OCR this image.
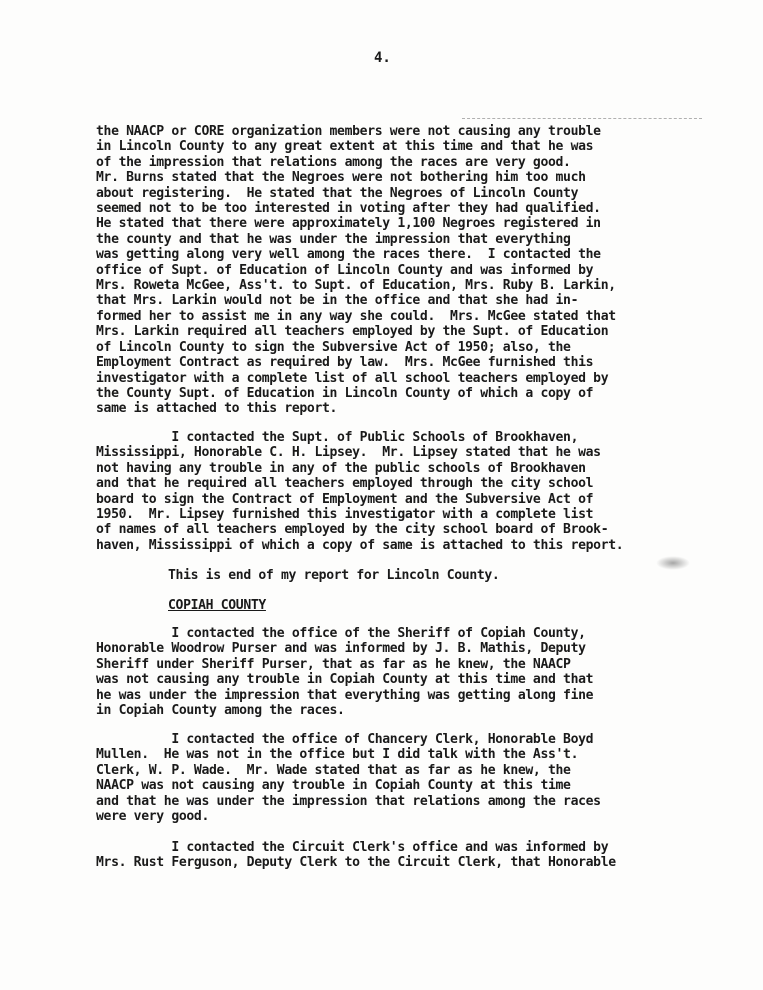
4.
the NAACP or CORE organization members were not causing any trouble
in Lincoln County to any great extent at this time and that he was
of the impression that relations among the races are very good.
Mr. Burns stated that the Negroes were not bothering him too much
about registering.  He stated that the Negroes of Lincoln County
seemed not to be too interested in voting after they had qualified.
He stated that there were approximately 1,100 Negroes registered in
the county and that he was under the impression that everything
was getting along very well among the races there.  I contacted the
office of Supt. of Education of Lincoln County and was informed by
Mrs. Roweta McGee, Ass't. to Supt. of Education, Mrs. Ruby B. Larkin,
that Mrs. Larkin would not be in the office and that she had in-
formed her to assist me in any way she could.  Mrs. McGee stated that
Mrs. Larkin required all teachers employed by the Supt. of Education
of Lincoln County to sign the Subversive Act of 1950; also, the
Employment Contract as required by law.  Mrs. McGee furnished this
investigator with a complete list of all school teachers employed by
the County Supt. of Education in Lincoln County of which a copy of
same is attached to this report.
I contacted the Supt. of Public Schools of Brookhaven,
Mississippi, Honorable C. H. Lipsey.  Mr. Lipsey stated that he was
not having any trouble in any of the public schools of Brookhaven
and that he required all teachers employed through the city school
board to sign the Contract of Employment and the Subversive Act of
1950.  Mr. Lipsey furnished this investigator with a complete list
of names of all teachers employed by the city school board of Brook-
haven, Mississippi of which a copy of same is attached to this report.
This is end of my report for Lincoln County.
COPIAH COUNTY
I contacted the office of the Sheriff of Copiah County,
Honorable Woodrow Purser and was informed by J. B. Mathis, Deputy
Sheriff under Sheriff Purser, that as far as he knew, the NAACP
was not causing any trouble in Copiah County at this time and that
he was under the impression that everything was getting along fine
in Copiah County among the races.
I contacted the office of Chancery Clerk, Honorable Boyd
Mullen.  He was not in the office but I did talk with the Ass't.
Clerk, W. P. Wade.  Mr. Wade stated that as far as he knew, the
NAACP was not causing any trouble in Copiah County at this time
and that he was under the impression that relations among the races
were very good.
I contacted the Circuit Clerk's office and was informed by
Mrs. Rust Ferguson, Deputy Clerk to the Circuit Clerk, that Honorable
